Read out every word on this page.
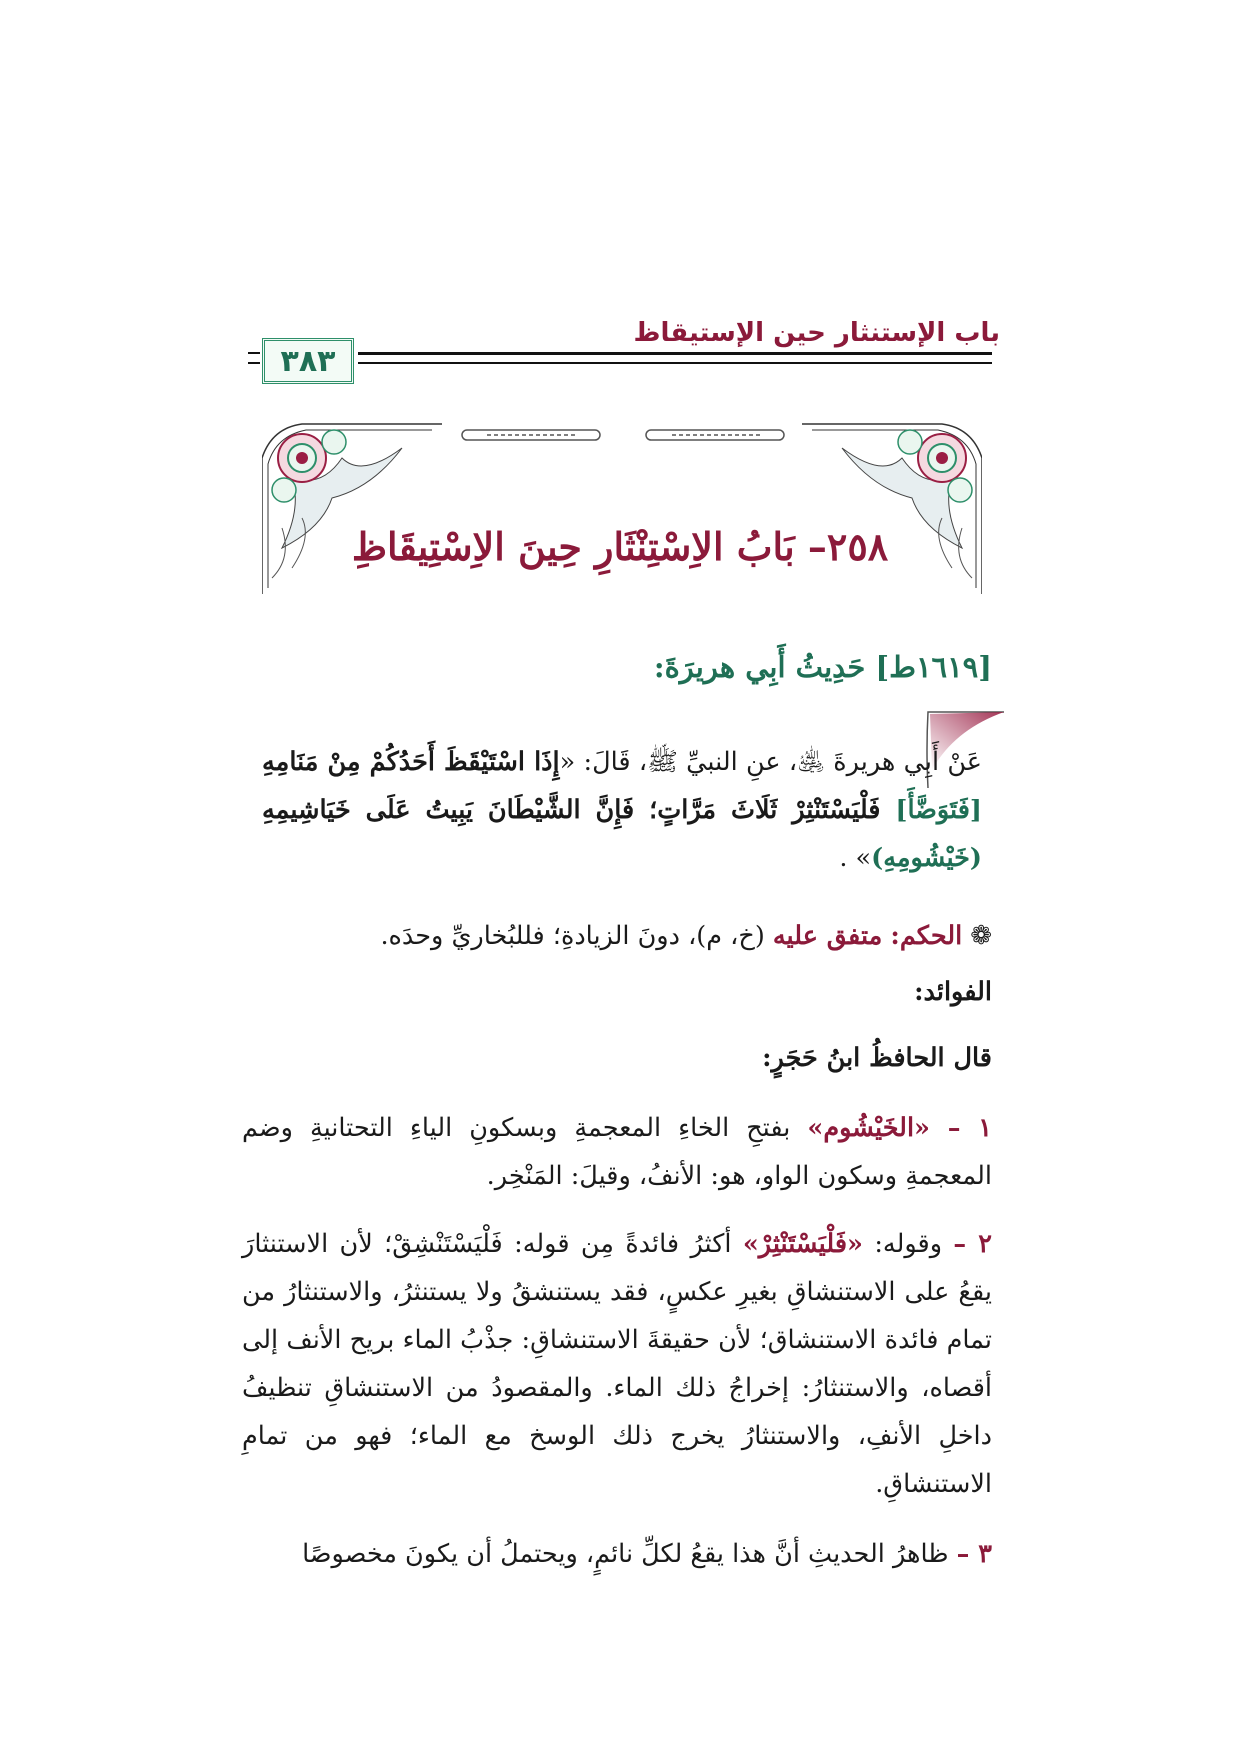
باب الإستنثار حين الإستيقاظ
٣٨٣
٢٥٨– بَابُ الاِسْتِنْثَارِ حِينَ الاِسْتِيقَاظِ
[١٦١٩ط] حَدِيثُ أَبِي هريرَةَ:
عَنْ أَبِي هريرةَ ﵁، عنِ النبيِّ ﷺ، قَالَ: «إِذَا اسْتَيْقَظَ أَحَدُكُمْ مِنْ مَنَامِهِ [فَتَوَضَّأَ] فَلْيَسْتَنْثِرْ ثَلَاثَ مَرَّاتٍ؛ فَإِنَّ الشَّيْطَانَ يَبِيتُ عَلَى خَيَاشِيمِهِ (خَيْشُومِهِ)» .
❁الحكم: متفق عليه (خ، م)، دونَ الزيادةِ؛ فللبُخاريِّ وحدَه.
الفوائد:
قال الحافظُ ابنُ حَجَرٍ:
١ – «الخَيْشُوم» بفتحِ الخاءِ المعجمةِ وبسكونِ الياءِ التحتانيةِ وضم المعجمةِ وسكون الواو، هو: الأنفُ، وقيلَ: المَنْخِر.
٢ – وقوله: «فَلْيَسْتَنْثِرْ» أكثرُ فائدةً مِن قوله: فَلْيَسْتَنْشِقْ؛ لأن الاستنثارَ يقعُ على الاستنشاقِ بغيرِ عكسٍ، فقد يستنشقُ ولا يستنثرُ، والاستنثارُ من تمام فائدة الاستنشاق؛ لأن حقيقةَ الاستنشاقِ: جذْبُ الماء بريح الأنف إلى أقصاه، والاستنثارُ: إخراجُ ذلك الماء. والمقصودُ من الاستنشاقِ تنظيفُ داخلِ الأنفِ، والاستنثارُ يخرج ذلك الوسخ مع الماء؛ فهو من تمامِ الاستنشاقِ.
٣ – ظاهرُ الحديثِ أنَّ هذا يقعُ لكلِّ نائمٍ، ويحتملُ أن يكونَ مخصوصًا
